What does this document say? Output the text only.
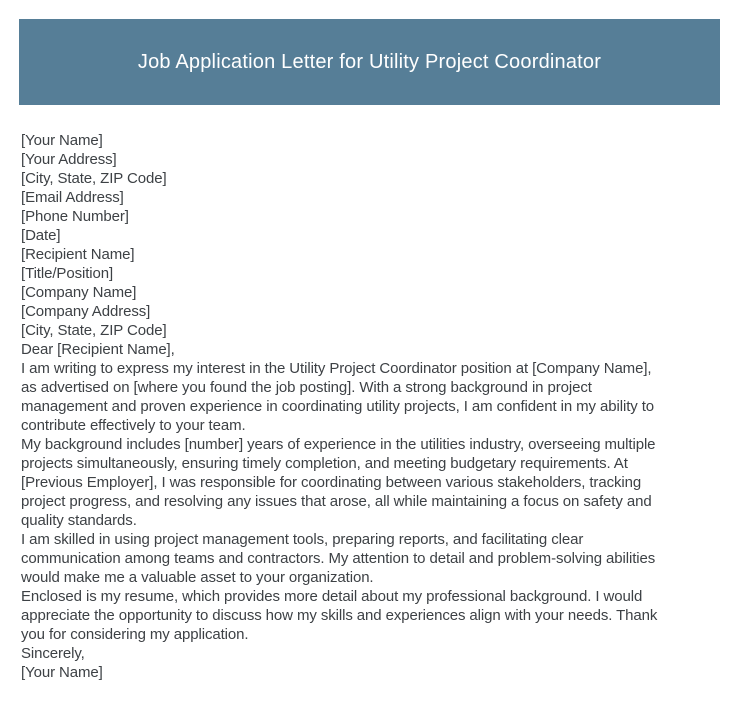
Job Application Letter for Utility Project Coordinator
[Your Name]
[Your Address]
[City, State, ZIP Code]
[Email Address]
[Phone Number]
[Date]
[Recipient Name]
[Title/Position]
[Company Name]
[Company Address]
[City, State, ZIP Code]
Dear [Recipient Name],
I am writing to express my interest in the Utility Project Coordinator position at [Company Name],
as advertised on [where you found the job posting]. With a strong background in project
management and proven experience in coordinating utility projects, I am confident in my ability to
contribute effectively to your team.
My background includes [number] years of experience in the utilities industry, overseeing multiple
projects simultaneously, ensuring timely completion, and meeting budgetary requirements. At
[Previous Employer], I was responsible for coordinating between various stakeholders, tracking
project progress, and resolving any issues that arose, all while maintaining a focus on safety and
quality standards.
I am skilled in using project management tools, preparing reports, and facilitating clear
communication among teams and contractors. My attention to detail and problem-solving abilities
would make me a valuable asset to your organization.
Enclosed is my resume, which provides more detail about my professional background. I would
appreciate the opportunity to discuss how my skills and experiences align with your needs. Thank
you for considering my application.
Sincerely,
[Your Name]
